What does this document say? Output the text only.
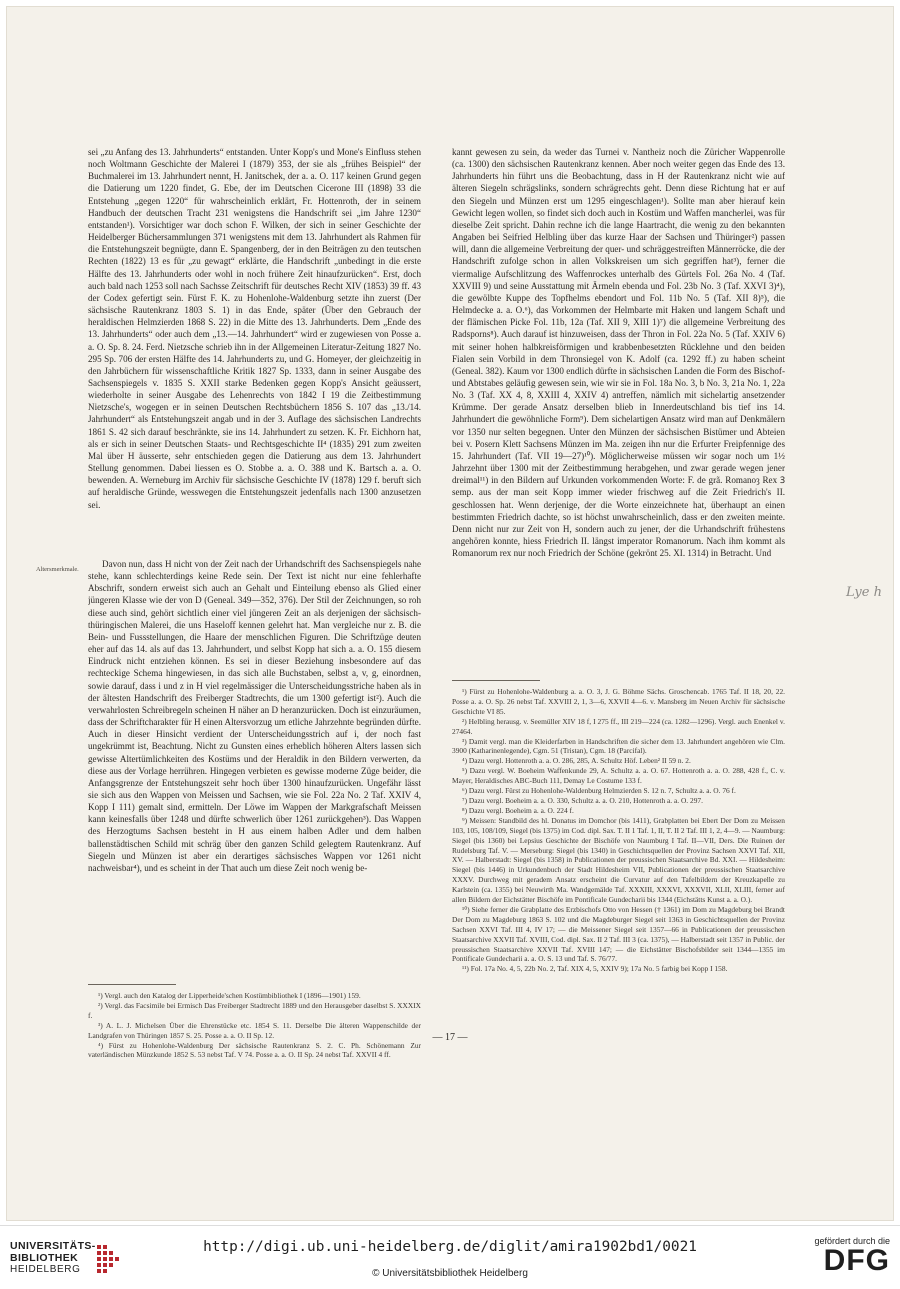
Altersmerkmale.
Lye h

sei „zu Anfang des 13. Jahrhunderts“ entstanden. Unter Kopp's und Mone's Einfluss stehen noch Woltmann Geschichte der Malerei I (1879) 353, der sie als „frühes Beispiel“ der Buchmalerei im 13. Jahrhundert nennt, H. Janitschek, der a. a. O. 117 keinen Grund gegen die Datierung um 1220 findet, G. Ebe, der im Deutschen Cicerone III (1898) 33 die Entstehung „gegen 1220“ für wahrscheinlich erklärt, Fr. Hottenroth, der in seinem Handbuch der deutschen Tracht 231 wenigstens die Handschrift sei „im Jahre 1230“ entstanden¹). Vorsichtiger war doch schon F. Wilken, der sich in seiner Geschichte der Heidelberger Büchersammlungen 371 wenigstens mit dem 13. Jahrhundert als Rahmen für die Entstehungszeit begnügte, dann E. Spangenberg, der in den Beiträgen zu den teutschen Rechten (1822) 13 es für „zu gewagt“ erklärte, die Handschrift „unbedingt in die erste Hälfte des 13. Jahrhunderts oder wohl in noch frühere Zeit hinaufzurücken“. Erst, doch auch bald nach 1253 soll nach Sachsse Zeitschrift für deutsches Recht XIV (1853) 39 ff. 43 der Codex gefertigt sein. Fürst F. K. zu Hohenlohe-Waldenburg setzte ihn zuerst (Der sächsische Rautenkranz 1803 S. 1) in das Ende, später (Über den Gebrauch der heraldischen Helmzierden 1868 S. 22) in die Mitte des 13. Jahrhunderts. Dem „Ende des 13. Jahrhunderts“ oder auch dem „13.—14. Jahrhundert“ wird er zugewiesen von Posse a. a. O. Sp. 8. 24. Ferd. Nietzsche schrieb ihn in der Allgemeinen Literatur-Zeitung 1827 No. 295 Sp. 706 der ersten Hälfte des 14. Jahrhunderts zu, und G. Homeyer, der gleichzeitig in den Jahrbüchern für wissenschaftliche Kritik 1827 Sp. 1333, dann in seiner Ausgabe des Sachsenspiegels v. 1835 S. XXII starke Bedenken gegen Kopp's Ansicht geäussert, wiederholte in seiner Ausgabe des Lehenrechts von 1842 I 19 die Zeitbestimmung Nietzsche's, wogegen er in seinen Deutschen Rechtsbüchern 1856 S. 107 das „13./14. Jahrhundert“ als Entstehungszeit angab und in der 3. Auflage des sächsischen Landrechts 1861 S. 42 sich darauf beschränkte, sie ins 14. Jahrhundert zu setzen. K. Fr. Eichhorn hat, als er sich in seiner Deutschen Staats- und Rechtsgeschichte II⁴ (1835) 291 zum zweiten Mal über H äusserte, sehr entschieden gegen die Datierung aus dem 13. Jahrhundert Stellung genommen. Dabei liessen es O. Stobbe a. a. O. 388 und K. Bartsch a. a. O. bewenden. A. Werneburg im Archiv für sächsische Geschichte IV (1878) 129 f. beruft sich auf heraldische Gründe, wesswegen die Entstehungszeit jedenfalls nach 1300 anzusetzen sei.

Davon nun, dass H nicht von der Zeit nach der Urhandschrift des Sachsenspiegels nahe stehe, kann schlechterdings keine Rede sein. Der Text ist nicht nur eine fehlerhafte Abschrift, sondern erweist sich auch an Gehalt und Einteilung ebenso als Glied einer jüngeren Klasse wie der von D (Geneal. 349—352, 376). Der Stil der Zeichnungen, so roh diese auch sind, gehört sichtlich einer viel jüngeren Zeit an als derjenigen der sächsisch-thüringischen Malerei, die uns Haseloff kennen gelehrt hat. Man vergleiche nur z. B. die Bein- und Fussstellungen, die Haare der menschlichen Figuren. Die Schriftzüge deuten eher auf das 14. als auf das 13. Jahrhundert, und selbst Kopp hat sich a. a. O. 155 diesem Eindruck nicht entziehen können. Es sei in dieser Beziehung insbesondere auf das rechteckige Schema hingewiesen, in das sich alle Buchstaben, selbst a, v, g, einordnen, sowie darauf, dass i und z in H viel regelmässiger die Unterscheidungsstriche haben als in der ältesten Handschrift des Freiberger Stadtrechts, die um 1300 gefertigt ist²). Auch die verwahrlosten Schreibregeln scheinen H näher an D heranzurücken. Doch ist einzuräumen, dass der Schriftcharakter für H einen Altersvorzug um etliche Jahrzehnte begründen dürfte. Auch in dieser Hinsicht verdient der Unterscheidungsstrich auf i, der noch fast ungekrümmt ist, Beachtung. Nicht zu Gunsten eines erheblich höheren Alters lassen sich gewisse Altertümlichkeiten des Kostüms und der Heraldik in den Bildern verwerten, da diese aus der Vorlage herrühren. Hingegen verbieten es gewisse moderne Züge beider, die Anfangsgrenze der Entstehungszeit sehr hoch über 1300 hinaufzurücken. Ungefähr lässt sie sich aus den Wappen von Meissen und Sachsen, wie sie Fol. 22a No. 2 Taf. XXIV 4, Kopp I 111) gemalt sind, ermitteln. Der Löwe im Wappen der Markgrafschaft Meissen kann keinesfalls über 1248 und dürfte schwerlich über 1261 zurückgehen³). Das Wappen des Herzogtums Sachsen besteht in H aus einem halben Adler und dem halben ballenstädtischen Schild mit schräg über den ganzen Schild gelegtem Rautenkranz. Auf Siegeln und Münzen ist aber ein derartiges sächsisches Wappen vor 1261 nicht nachweisbar⁴), und es scheint in der That auch um diese Zeit noch wenig be-

¹) Vergl. auch den Katalog der Lipperheide'schen Kostümbibliothek I (1896—1901) 159.

²) Vergl. das Facsimile bei Ermisch Das Freiberger Stadtrecht 1889 und den Herausgeber daselbst S. XXXIX f.

³) A. L. J. Michelsen Über die Ehrenstücke etc. 1854 S. 11. Derselbe Die älteren Wappenschilde der Landgrafen von Thüringen 1857 S. 25. Posse a. a. O. II Sp. 12.

⁴) Fürst zu Hohenlohe-Waldenburg Der sächsische Rautenkranz S. 2. C. Ph. Schönemann Zur vaterländischen Münzkunde 1852 S. 53 nebst Taf. V 74. Posse a. a. O. II Sp. 24 nebst Taf. XXVII 4 ff.

kannt gewesen zu sein, da weder das Turnei v. Nantheiz noch die Züricher Wappenrolle (ca. 1300) den sächsischen Rautenkranz kennen. Aber noch weiter gegen das Ende des 13. Jahrhunderts hin führt uns die Beobachtung, dass in H der Rautenkranz nicht wie auf älteren Siegeln schrägslinks, sondern schrägrechts geht. Denn diese Richtung hat er auf den Siegeln und Münzen erst um 1295 eingeschlagen¹). Sollte man aber hierauf kein Gewicht legen wollen, so findet sich doch auch in Kostüm und Waffen mancherlei, was für dieselbe Zeit spricht. Dahin rechne ich die lange Haartracht, die wenig zu den bekannten Angaben bei Seifried Helbling über das kurze Haar der Sachsen und Thüringer²) passen will, dann die allgemeine Verbreitung der quer- und schräggestreiften Männerröcke, die der Handschrift zufolge schon in allen Volkskreisen um sich gegriffen hat³), ferner die viermalige Aufschlitzung des Waffenrockes unterhalb des Gürtels Fol. 26a No. 4 (Taf. XXVIII 9) und seine Ausstattung mit Ärmeln ebenda und Fol. 23b No. 3 (Taf. XXVI 3)⁴), die gewölbte Kuppe des Topfhelms ebendort und Fol. 11b No. 5 (Taf. XII 8)⁵), die Helmdecke a. a. O.⁶), das Vorkommen der Helmbarte mit Haken und langem Schaft und der flämischen Picke Fol. 11b, 12a (Taf. XII 9, XIII 1)⁷) die allgemeine Verbreitung des Radsporns⁸). Auch darauf ist hinzuweisen, dass der Thron in Fol. 22a No. 5 (Taf. XXIV 6) mit seiner hohen halbkreisförmigen und krabbenbesetzten Rücklehne und den beiden Fialen sein Vorbild in dem Thronsiegel von K. Adolf (ca. 1292 ff.) zu haben scheint (Geneal. 382). Kaum vor 1300 endlich dürfte in sächsischen Landen die Form des Bischof- und Abtstabes geläufig gewesen sein, wie wir sie in Fol. 18a No. 3, b No. 3, 21a No. 1, 22a No. 3 (Taf. XX 4, 8, XXIII 4, XXIV 4) antreffen, nämlich mit sichelartig ansetzender Krümme. Der gerade Ansatz derselben blieb in Innerdeutschland bis tief ins 14. Jahrhundert die gewöhnliche Form⁹). Dem sichelartigen Ansatz wird man auf Denkmälern vor 1350 nur selten begegnen. Unter den Münzen der sächsischen Bistümer und Abteien bei v. Posern Klett Sachsens Münzen im Ma. zeigen ihn nur die Erfurter Freipfennige des 15. Jahrhundert (Taf. VII 19—27)¹⁰). Möglicherweise müssen wir sogar noch um 1½ Jahrzehnt über 1300 mit der Zeitbestimmung herabgehen, und zwar gerade wegen jener dreimal¹¹) in den Bildern auf Urkunden vorkommenden Worte: F. de grã. Romanoȝ Rex Ꝫ semp. aus der man seit Kopp immer wieder frischweg auf die Zeit Friedrich's II. geschlossen hat. Wenn derjenige, der die Worte einzeichnete hat, überhaupt an einen bestimmten Friedrich dachte, so ist höchst unwahrscheinlich, dass er den zweiten meinte. Denn nicht nur zur Zeit von H, sondern auch zu jener, der die Urhandschrift frühestens angehören konnte, hiess Friedrich II. längst imperator Romanorum. Nach ihm kommt als Romanorum rex nur noch Friedrich der Schöne (gekrönt 25. XI. 1314) in Betracht. Und

¹) Fürst zu Hohenlohe-Waldenburg a. a. O. 3, J. G. Böhme Sächs. Groschencab. 1765 Taf. II 18, 20, 22. Posse a. a. O. Sp. 26 nebst Taf. XXVIII 2, 1, 3—6, XXVII 4—6. v. Mansberg im Neuen Archiv für sächsische Geschichte VI 85.

²) Helbling herausg. v. Seemüller XIV 18 f, I 275 ff., III 219—224 (ca. 1282—1296). Vergl. auch Enenkel v. 27464.

³) Damit vergl. man die Kleiderfarben in Handschriften die sicher dem 13. Jahrhundert angehören wie Clm. 3900 (Katharinenlegende), Cgm. 51 (Tristan), Cgm. 18 (Parcifal).

⁴) Dazu vergl. Hottenroth a. a. O. 286, 285, A. Schultz Höf. Leben² II 59 n. 2.

⁵) Dazu vergl. W. Boeheim Waffenkunde 29, A. Schultz a. a. O. 67. Hottenroth a. a. O. 288, 428 f., C. v. Mayer, Heraldisches ABC-Buch 111, Demay Le Costume 133 f.

⁶) Dazu vergl. Fürst zu Hohenlohe-Waldenburg Helmzierden S. 12 n. 7, Schultz a. a. O. 76 f.

⁷) Dazu vergl. Boeheim a. a. O. 330, Schultz a. a. O. 210, Hottenroth a. a. O. 297.

⁸) Dazu vergl. Boeheim a. a. O. 224 f.

⁹) Meissen: Standbild des hl. Donatus im Domchor (bis 1411), Grabplatten bei Ebert Der Dom zu Meissen 103, 105, 108/109, Siegel (bis 1375) im Cod. dipl. Sax. T. II 1 Taf. 1, II, T. II 2 Taf. III 1, 2, 4—9. — Naumburg: Siegel (bis 1360) bei Lepsius Geschichte der Bischöfe von Naumburg I Taf. II—VII, Ders. Die Ruinen der Rudelsburg Taf. V. — Merseburg: Siegel (bis 1340) in Geschichtsquellen der Provinz Sachsen XXVI Taf. XII, XV. — Halberstadt: Siegel (bis 1358) in Publicationen der preussischen Staatsarchive Bd. XXI. — Hildesheim: Siegel (bis 1446) in Urkundenbuch der Stadt Hildesheim VII, Publicationen der preussischen Staatsarchive XXXV. Durchweg mit geradem Ansatz erscheint die Curvatur auf den Tafelbildern der Kreuzkapelle zu Karlstein (ca. 1355) bei Neuwirth Ma. Wandgemälde Taf. XXXIII, XXXVI, XXXVII, XLII, XLIII, ferner auf allen Bildern der Eichstätter Bischöfe im Pontificale Gundecharii bis 1344 (Eichstätts Kunst a. a. O.).

¹⁰) Siehe ferner die Grabplatte des Erzbischofs Otto von Hessen († 1361) im Dom zu Magdeburg bei Brandt Der Dom zu Magdeburg 1863 S. 102 und die Magdeburger Siegel seit 1363 in Geschichtsquellen der Provinz Sachsen XXVI Taf. III 4, IV 17; — die Meissener Siegel seit 1357—66 in Publicationen der preussischen Staatsarchive XXVII Taf. XVIII, Cod. dipl. Sax. II 2 Taf. III 3 (ca. 1375), — Halberstadt seit 1357 in Public. der preussischen Staatsarchive XXVII Taf. XVIII 147; — die Eichstätter Bischofsbilder seit 1344—1355 im Pontificale Gundecharii a. a. O. S. 13 und Taf. S. 76/77.

¹¹) Fol. 17a No. 4, 5, 22b No. 2, Taf. XIX 4, 5, XXIV 9); 17a No. 5 farbig bei Kopp I 158.

— 17 —
UNIVERSITÄTS-
BIBLIOTHEK
HEIDELBERG
http://digi.ub.uni-heidelberg.de/diglit/amira1902bd1/0021
© Universitätsbibliothek Heidelberg
gefördert durch die
DFG
